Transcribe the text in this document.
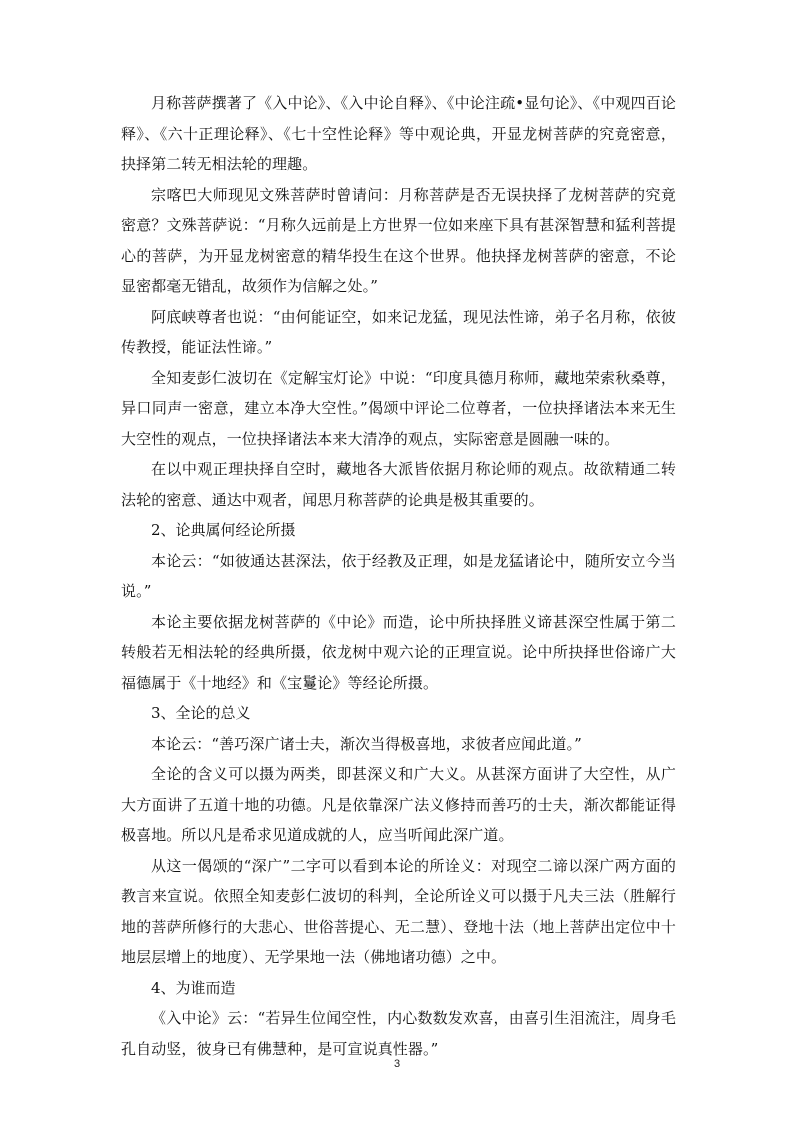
月称菩萨撰著了《入中论》、《入中论自释》、《中论注疏•显句论》、《中观四百论释》、《六十正理论释》、《七十空性论释》等中观论典，开显龙树菩萨的究竟密意，抉择第二转无相法轮的理趣。

宗喀巴大师现见文殊菩萨时曾请问：月称菩萨是否无误抉择了龙树菩萨的究竟密意？文殊菩萨说：“月称久远前是上方世界一位如来座下具有甚深智慧和猛利菩提心的菩萨，为开显龙树密意的精华投生在这个世界。他抉择龙树菩萨的密意，不论显密都毫无错乱，故须作为信解之处。”

阿底峡尊者也说：“由何能证空，如来记龙猛，现见法性谛，弟子名月称，依彼传教授，能证法性谛。”

全知麦彭仁波切在《定解宝灯论》中说：“印度具德月称师，藏地荣索秋桑尊，异口同声一密意，建立本净大空性。”偈颂中评论二位尊者，一位抉择诸法本来无生大空性的观点，一位抉择诸法本来大清净的观点，实际密意是圆融一味的。

在以中观正理抉择自空时，藏地各大派皆依据月称论师的观点。故欲精通二转法轮的密意、通达中观者，闻思月称菩萨的论典是极其重要的。

2、论典属何经论所摄

本论云：“如彼通达甚深法，依于经教及正理，如是龙猛诸论中，随所安立今当说。”

本论主要依据龙树菩萨的《中论》而造，论中所抉择胜义谛甚深空性属于第二转般若无相法轮的经典所摄，依龙树中观六论的正理宣说。论中所抉择世俗谛广大福德属于《十地经》和《宝鬘论》等经论所摄。

3、全论的总义

本论云：“善巧深广诸士夫，渐次当得极喜地，求彼者应闻此道。”

全论的含义可以摄为两类，即甚深义和广大义。从甚深方面讲了大空性，从广大方面讲了五道十地的功德。凡是依靠深广法义修持而善巧的士夫，渐次都能证得极喜地。所以凡是希求见道成就的人，应当听闻此深广道。

从这一偈颂的“深广”二字可以看到本论的所诠义：对现空二谛以深广两方面的教言来宣说。依照全知麦彭仁波切的科判，全论所诠义可以摄于凡夫三法（胜解行地的菩萨所修行的大悲心、世俗菩提心、无二慧）、登地十法（地上菩萨出定位中十地层层增上的地度）、无学果地一法（佛地诸功德）之中。

4、为谁而造

《入中论》云：“若异生位闻空性，内心数数发欢喜，由喜引生泪流注，周身毛孔自动竖，彼身已有佛慧种，是可宣说真性器。”

3
